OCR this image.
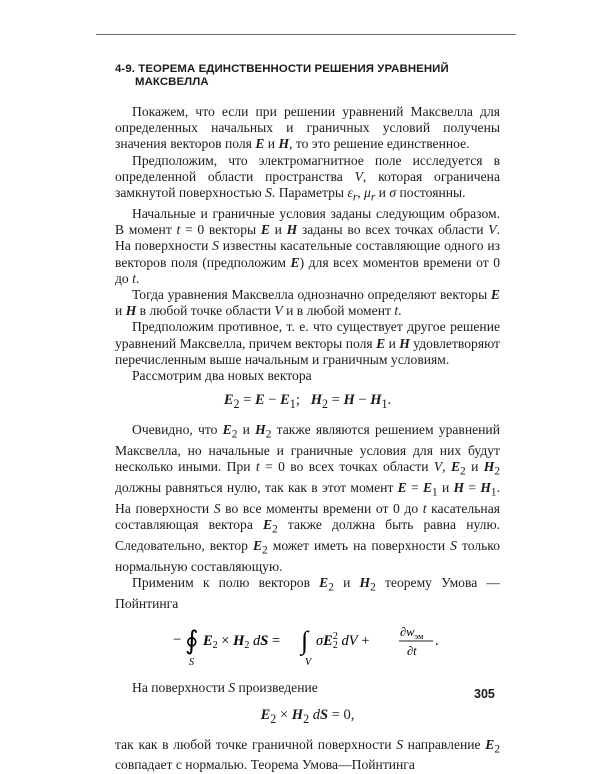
4-9. ТЕОРЕМА ЕДИНСТВЕННОСТИ РЕШЕНИЯ УРАВНЕНИЙ
МАКСВЕЛЛА

Покажем, что если при решении уравнений Максвелла для определенных начальных и граничных условий получены значения векторов поля E и H, то это решение единственное.

Предположим, что электромагнитное поле исследуется в определенной области пространства V, которая ограничена замкнутой поверхностью S. Параметры $\varepsilon_r$, $\mu_r$ и σ постоянны.

Начальные и граничные условия заданы следующим образом. В момент t = 0 векторы E и H заданы во всех точках области V. На поверхности S известны касательные составляющие одного из векторов поля (предположим E) для всех моментов времени от 0 до t.

Тогда уравнения Максвелла однозначно определяют векторы E и H в любой точке области V и в любой момент t.

Предположим противное, т. е. что существует другое решение уравнений Максвелла, причем векторы поля E и H удовлетворяют перечисленным выше начальным и граничным условиям.

Рассмотрим два новых вектора

$E_2 = E - E_1$;   $H_2 = H - H_1$.

Очевидно, что $E_2$ и $H_2$ также являются решением уравнений Максвелла, но начальные и граничные условия для них будут несколько иными. При t = 0 во всех точках области V, $E_2$ и $H_2$ должны равняться нулю, так как в этот момент $E = E_1$ и $H = H_1$. На поверхности S во все моменты времени от 0 до t касательная составляющая вектора $E_2$ также должна быть равна нулю. Следовательно, вектор $E_2$ может иметь на поверхности S только нормальную составляющую.

Применим к полю векторов $E_2$ и $H_2$ теорему Умова — Пойнтинга

− ∮
S
$E_2 \times H_2$ dS = ∫
V
$\sigma E^2$ 2 dV +
$\partial w_{эм}$
∂t
.

На поверхности S произведение

$E_2 \times H_2$ dS = 0,

так как в любой точке граничной поверхности S направление $E_2$ совпадает с нормалью. Теорема Умова—Пойнтинга

305
